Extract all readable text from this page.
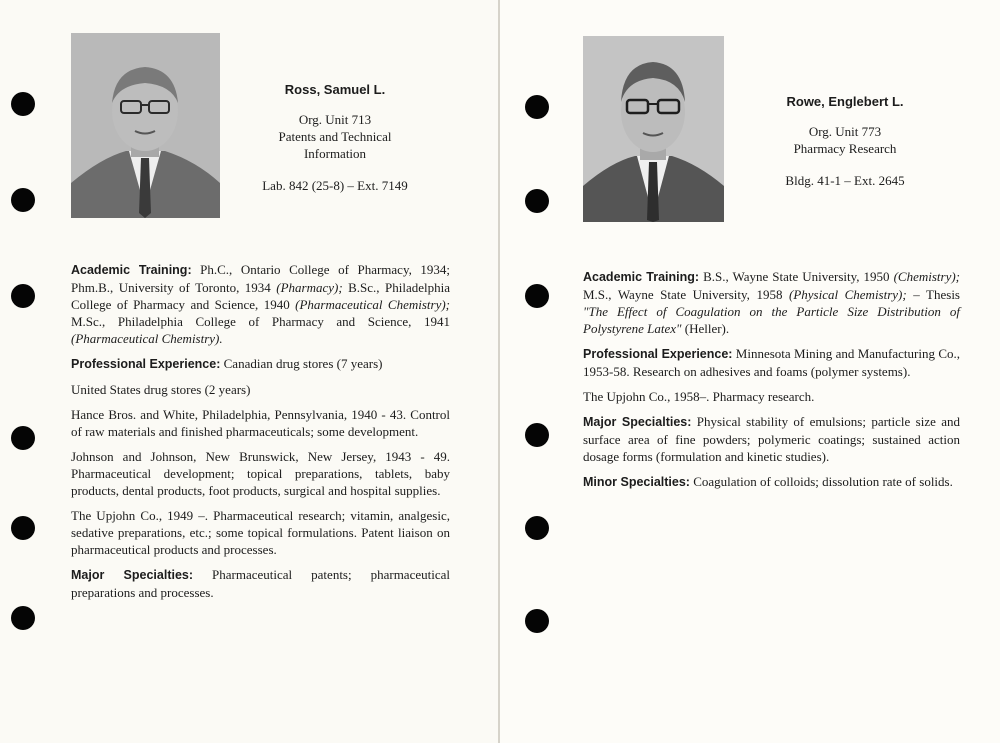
Ross, Samuel L.
Org. Unit 713
Patents and Technical
Information
Lab. 842 (25-8) – Ext. 7149

Academic Training: Ph.C., Ontario College of Pharmacy, 1934; Phm.B., University of Toronto, 1934 (Pharmacy); B.Sc., Philadelphia College of Pharmacy and Science, 1940 (Pharmaceutical Chemistry); M.Sc., Philadelphia College of Pharmacy and Science, 1941 (Pharmaceutical Chemistry).

Professional Experience: Canadian drug stores (7 years)

United States drug stores (2 years)

Hance Bros. and White, Philadelphia, Pennsylvania, 1940 - 43. Control of raw materials and finished pharmaceuticals; some development.

Johnson and Johnson, New Brunswick, New Jersey, 1943 - 49. Pharmaceutical development; topical preparations, tablets, baby products, dental products, foot products, surgical and hospital supplies.

The Upjohn Co., 1949 –. Pharmaceutical research; vitamin, analgesic, sedative preparations, etc.; some topical formulations. Patent liaison on pharmaceutical products and processes.

Major Specialties: Pharmaceutical patents; pharmaceutical preparations and processes.

Rowe, Englebert L.
Org. Unit 773
Pharmacy Research
Bldg. 41-1 – Ext. 2645

Academic Training: B.S., Wayne State University, 1950 (Chemistry); M.S., Wayne State University, 1958 (Physical Chemistry); – Thesis "The Effect of Coagulation on the Particle Size Distribution of Polystyrene Latex" (Heller).

Professional Experience: Minnesota Mining and Manufacturing Co., 1953-58. Research on adhesives and foams (polymer systems).

The Upjohn Co., 1958–. Pharmacy research.

Major Specialties: Physical stability of emulsions; particle size and surface area of fine powders; polymeric coatings; sustained action dosage forms (formulation and kinetic studies).

Minor Specialties: Coagulation of colloids; dissolution rate of solids.
